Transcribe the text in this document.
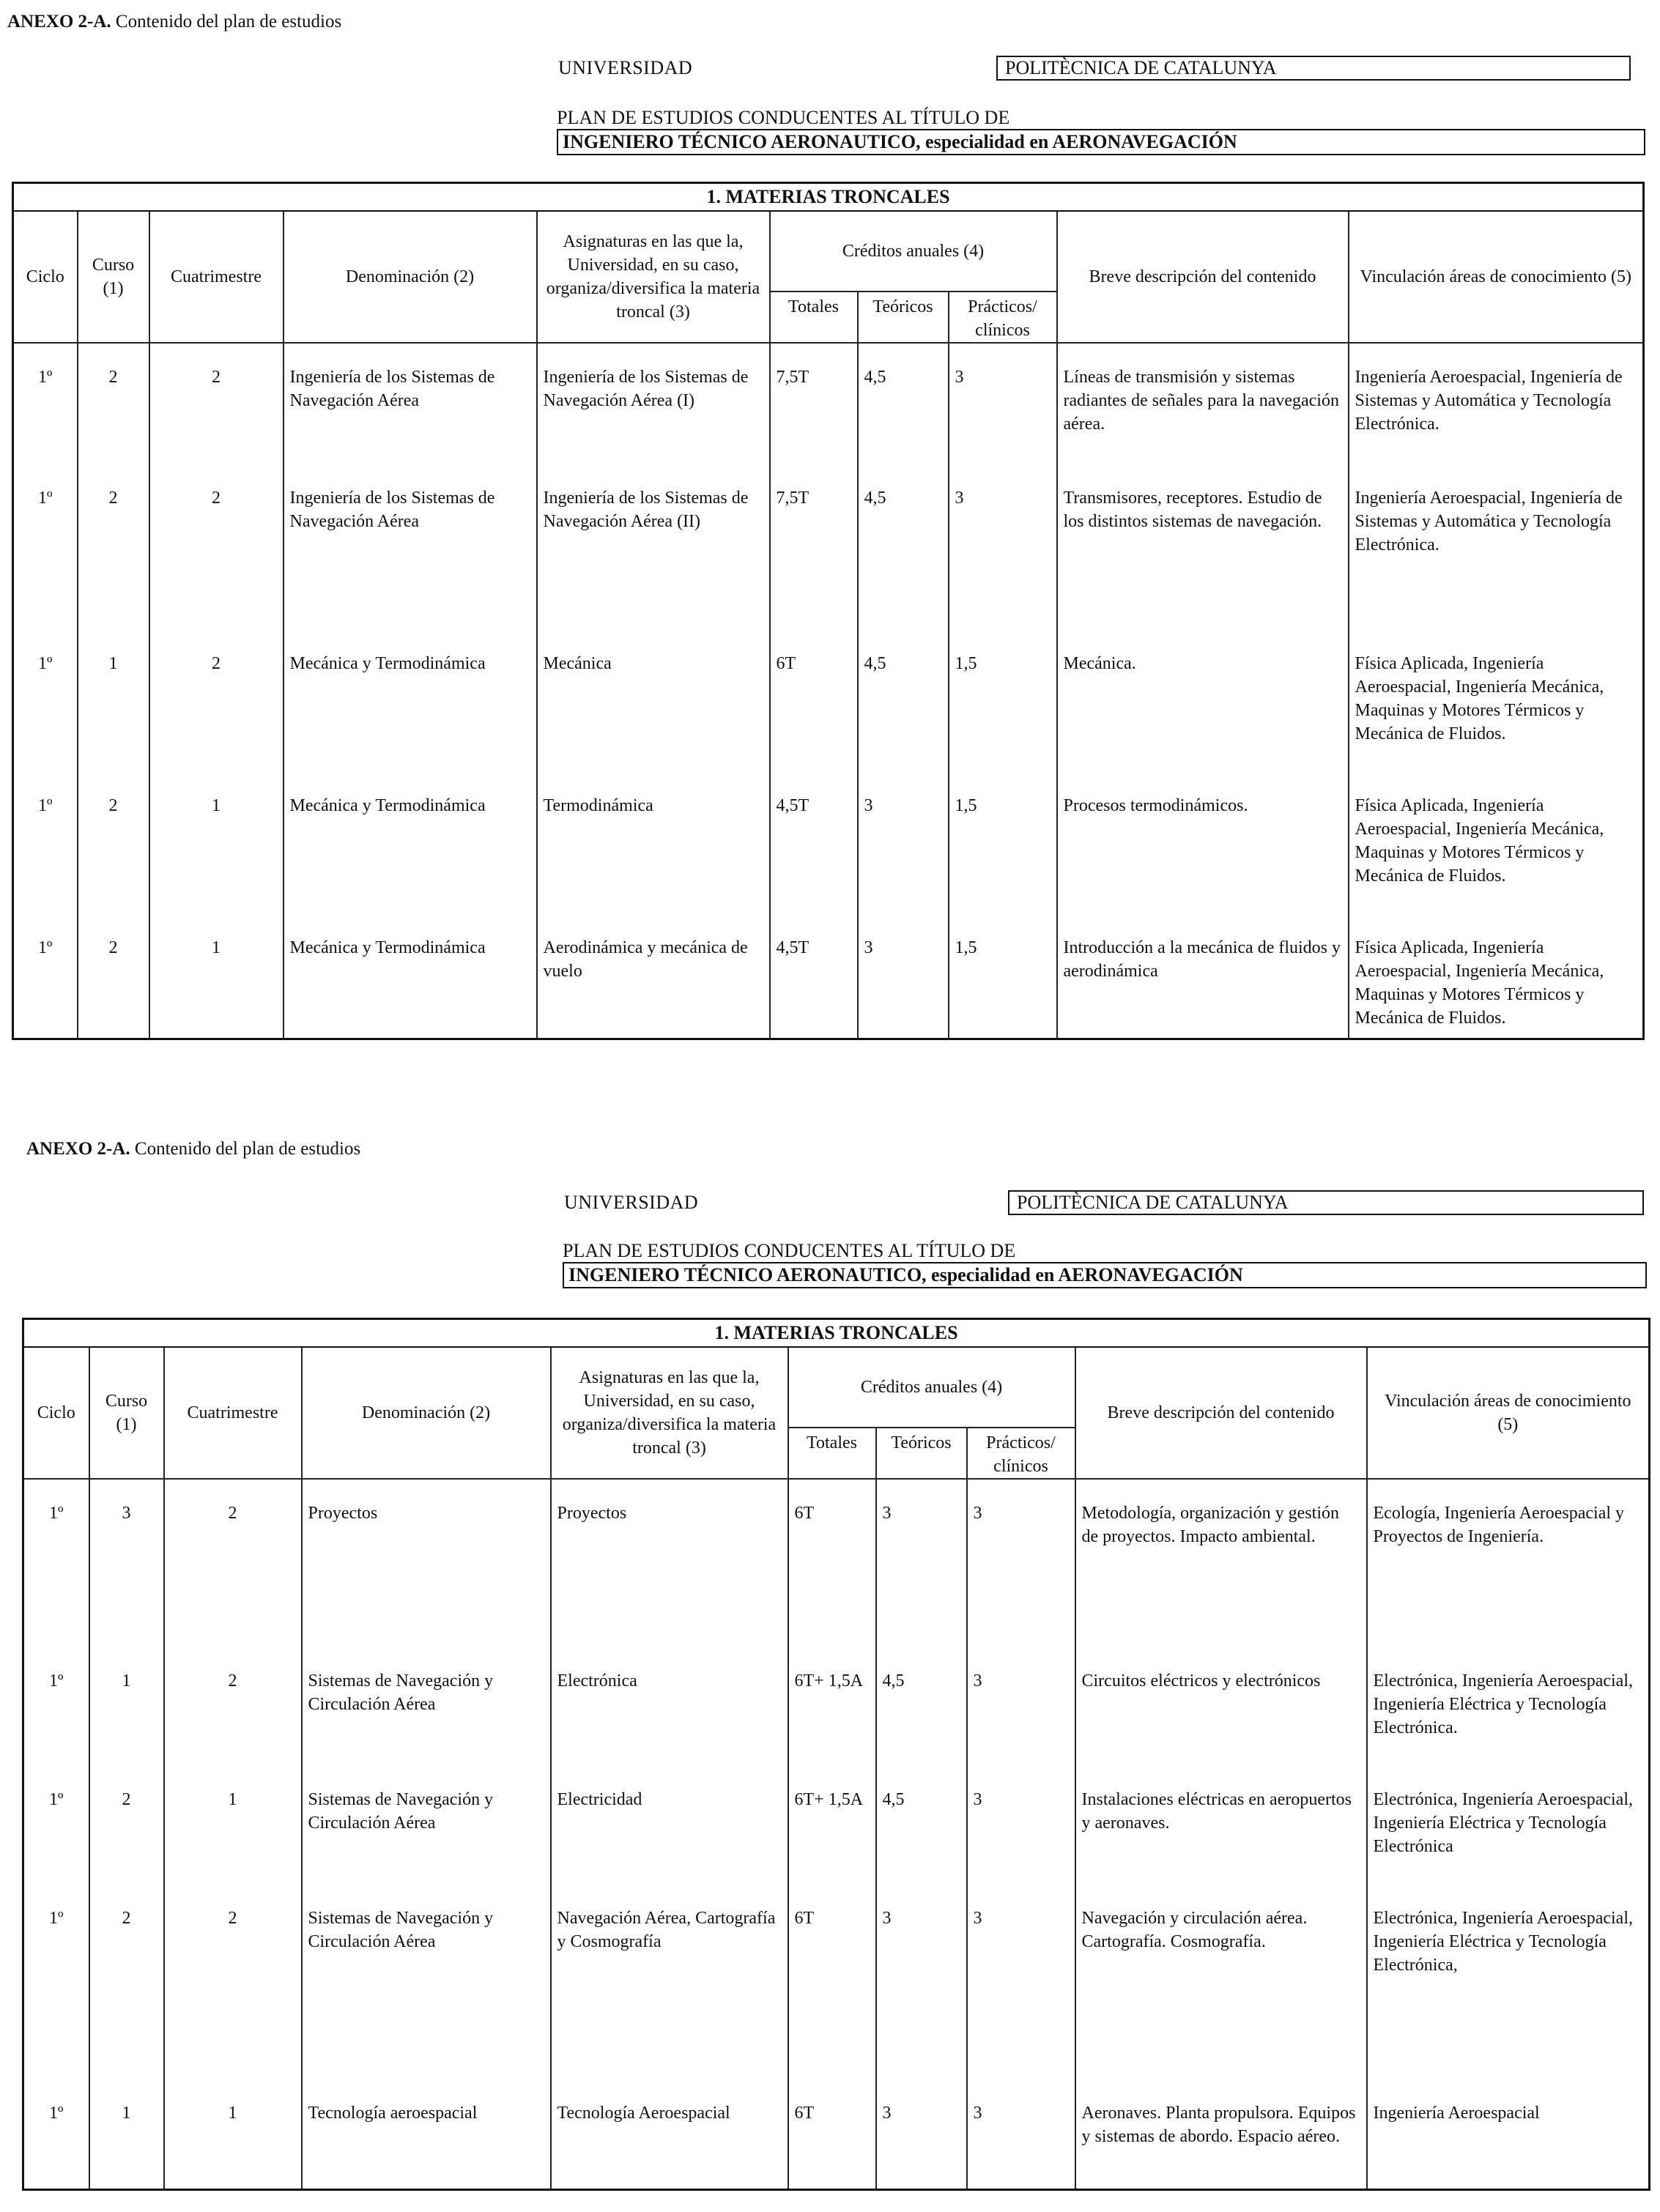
ANEXO 2-A. Contenido del plan de estudios
UNIVERSIDAD	POLITÈCNICA DE CATALUNYA
PLAN DE ESTUDIOS CONDUCENTES AL TÍTULO DE
INGENIERO TÉCNICO AERONAUTICO, especialidad en AERONAVEGACIÓN
1. MATERIAS TRONCALES									
Ciclo	Curso (1)	Cuatrimestre	Denominación (2)	Asignaturas en las que la, Universidad, en su caso, organiza/diversifica la materia troncal (3)	Créditos anuales (4)			Breve descripción del contenido	Vinculación áreas de conocimiento (5)
					Totales	Teóricos	Prácticos/ clínicos		
1º	2	2	Ingeniería de los Sistemas de Navegación Aérea	Ingeniería de los Sistemas de Navegación Aérea (I)	7,5T	4,5	3	Líneas de transmisión y sistemas radiantes de señales para la navegación aérea.	Ingeniería Aeroespacial, Ingeniería de Sistemas y Automática y Tecnología Electrónica.
1º	2	2	Ingeniería de los Sistemas de Navegación Aérea	Ingeniería de los Sistemas de Navegación Aérea (II)	7,5T	4,5	3	Transmisores, receptores. Estudio de los distintos sistemas de navegación.	Ingeniería Aeroespacial, Ingeniería de Sistemas y Automática y Tecnología Electrónica.
1º	1	2	Mecánica y Termodinámica	Mecánica	6T	4,5	1,5	Mecánica.	Física Aplicada, Ingeniería Aeroespacial, Ingeniería Mecánica, Maquinas y Motores Térmicos y Mecánica de Fluidos.
1º	2	1	Mecánica y Termodinámica	Termodinámica	4,5T	3	1,5	Procesos termodinámicos.	Física Aplicada, Ingeniería Aeroespacial, Ingeniería Mecánica, Maquinas y Motores Térmicos y Mecánica de Fluidos.
1º	2	1	Mecánica y Termodinámica	Aerodinámica y mecánica de vuelo	4,5T	3	1,5	Introducción a la mecánica de fluidos y aerodinámica	Física Aplicada, Ingeniería Aeroespacial, Ingeniería Mecánica, Maquinas y Motores Térmicos y Mecánica de Fluidos.
ANEXO 2-A. Contenido del plan de estudios
UNIVERSIDAD	POLITÈCNICA DE CATALUNYA
PLAN DE ESTUDIOS CONDUCENTES AL TÍTULO DE
INGENIERO TÉCNICO AERONAUTICO, especialidad en AERONAVEGACIÓN
1. MATERIAS TRONCALES									
Ciclo	Curso (1)	Cuatrimestre	Denominación (2)	Asignaturas en las que la, Universidad, en su caso, organiza/diversifica la materia troncal (3)	Créditos anuales (4)			Breve descripción del contenido	Vinculación áreas de conocimiento (5)
					Totales	Teóricos	Prácticos/ clínicos		
1º	3	2	Proyectos	Proyectos	6T	3	3	Metodología, organización y gestión de proyectos. Impacto ambiental.	Ecología, Ingeniería Aeroespacial y Proyectos de Ingeniería.
1º	1	2	Sistemas de Navegación y Circulación Aérea	Electrónica	6T+ 1,5A	4,5	3	Circuitos eléctricos y electrónicos	Electrónica, Ingeniería Aeroespacial, Ingeniería Eléctrica y Tecnología Electrónica.
1º	2	1	Sistemas de Navegación y Circulación Aérea	Electricidad	6T+ 1,5A	4,5	3	Instalaciones eléctricas en aeropuertos y aeronaves.	Electrónica, Ingeniería Aeroespacial, Ingeniería Eléctrica y Tecnología Electrónica
1º	2	2	Sistemas de Navegación y Circulación Aérea	Navegación Aérea, Cartografía y Cosmografía	6T	3	3	Navegación y circulación aérea. Cartografía. Cosmografía.	Electrónica, Ingeniería Aeroespacial, Ingeniería Eléctrica y Tecnología Electrónica,
1º	1	1	Tecnología aeroespacial	Tecnología Aeroespacial	6T	3	3	Aeronaves. Planta propulsora. Equipos y sistemas de abordo. Espacio aéreo.	Ingeniería Aeroespacial
